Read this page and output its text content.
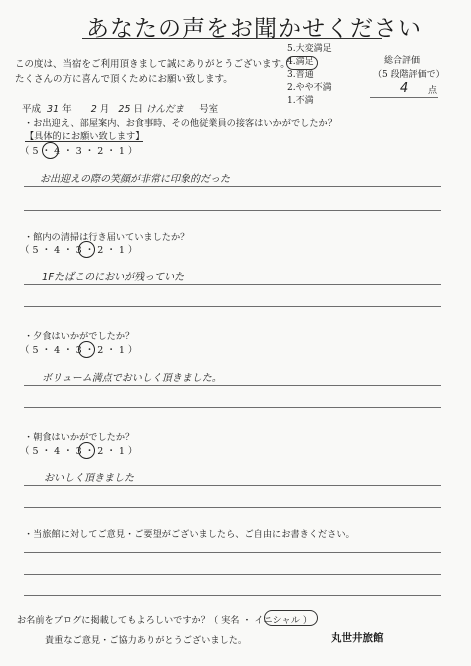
あなたの声をお聞かせください
この度は、当宿をご利用頂きまして誠にありがとうございます。
たくさんの方に喜んで頂くためにお願い致します。
5.大変満足
4.満足
3.普通
2.やや不満
1.不満
総合評価
（5 段階評価で）
4 点
平成 31 年 2 月 25 日 けんだま 号室
・お出迎え、部屋案内、お食事時、その他従業員の接客はいかがでしたか？
【具体的にお願い致します】
（ 5 ・ 4 ・ 3 ・ 2 ・ 1 ）
お出迎えの際の笑顔が非常に印象的だった
・館内の清掃は行き届いていましたか？
（ 5 ・ 4 ・ 3 ・ 2 ・ 1 ）
1Fたばこのにおいが残っていた
・夕食はいかがでしたか？
（ 5 ・ 4 ・ 3 ・ 2 ・ 1 ）
ボリューム満点でおいしく頂きました。
・朝食はいかがでしたか？
（ 5 ・ 4 ・ 3 ・ 2 ・ 1 ）
おいしく頂きました
・当旅館に対してご意見・ご要望がございましたら、ご自由にお書きください。
お名前をブログに掲載してもよろしいですか？ （ 実名 ・ イニシャル ）
貴重なご意見・ご協力ありがとうございました。	丸世井旅館
